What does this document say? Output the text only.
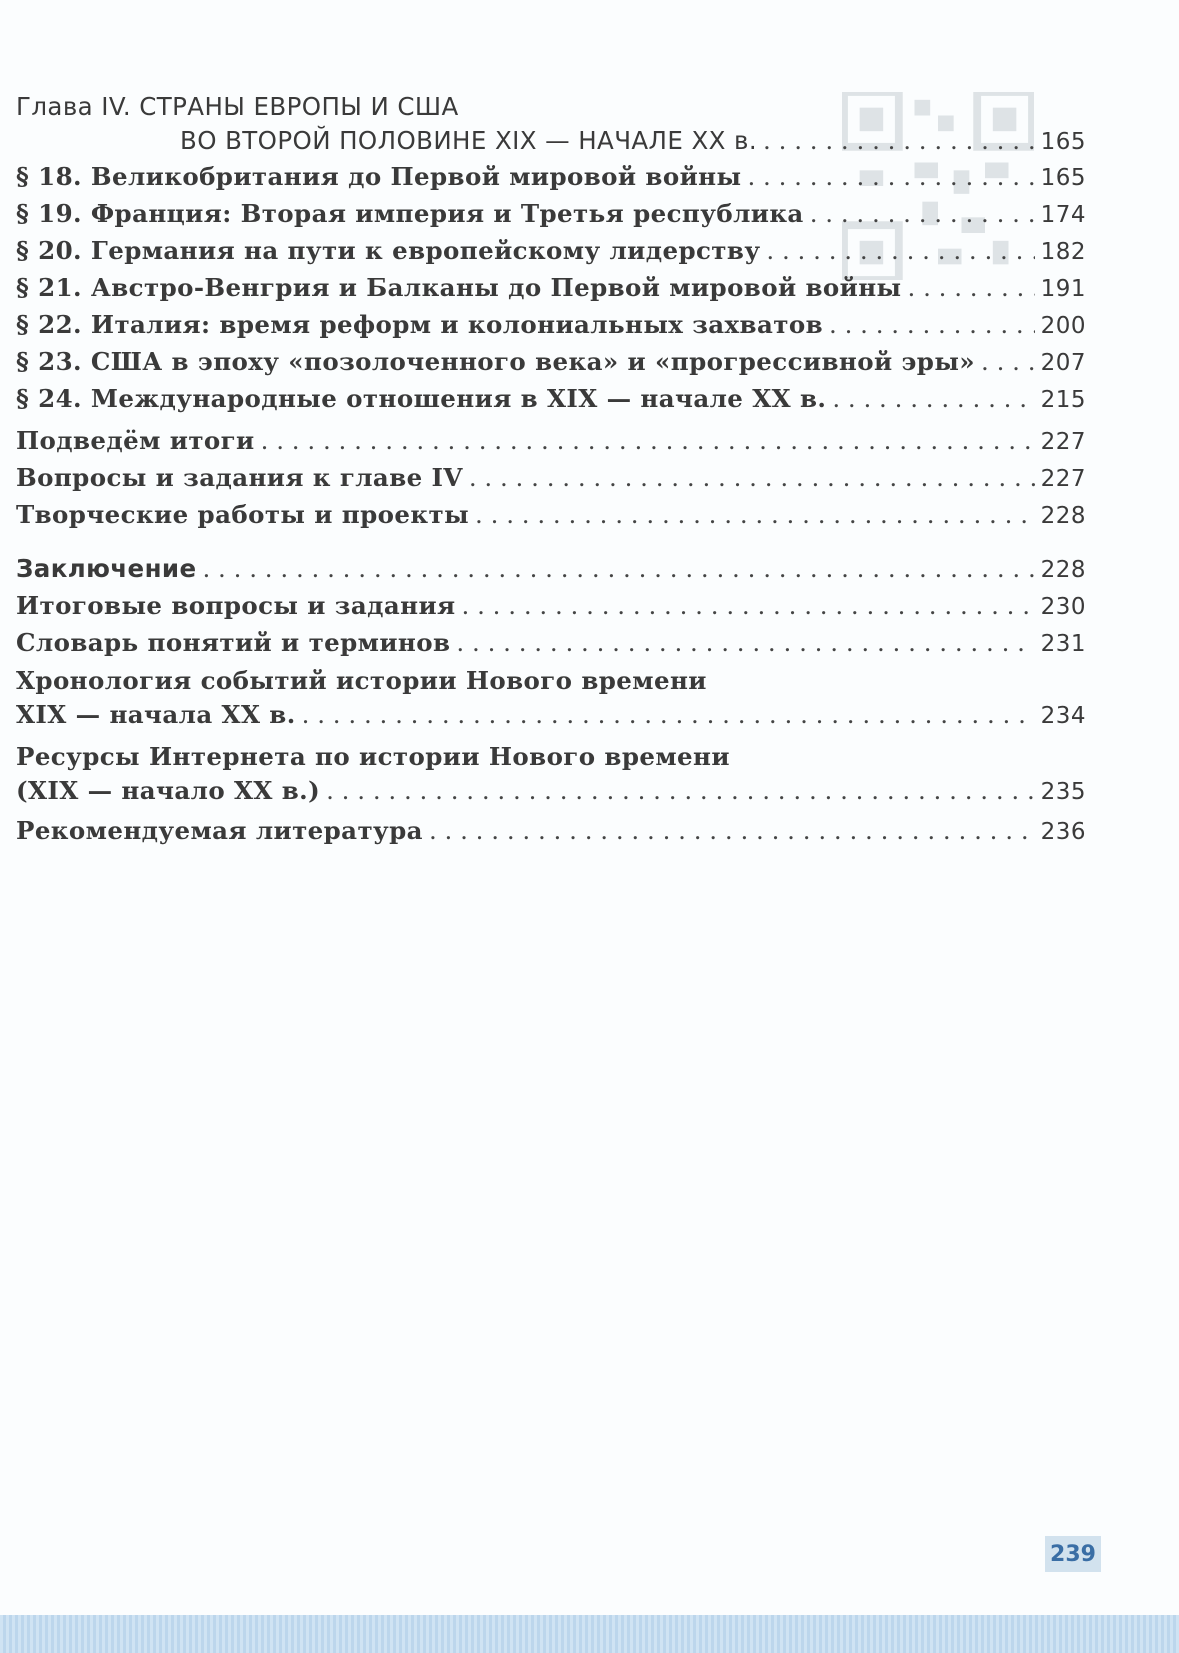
Глава IV. СТРАНЫ ЕВРОПЫ И США
ВО ВТОРОЙ ПОЛОВИНЕ XIX — НАЧАЛЕ XX в. . . .	165
§ 18. Великобритания до Первой мировой войны . . .	165
§ 19. Франция: Вторая империя и Третья республика . . .	174
§ 20. Германия на пути к европейскому лидерству . . .	182
§ 21. Австро-Венгрия и Балканы до Первой мировой войны . . .	191
§ 22. Италия: время реформ и колониальных захватов . . .	200
§ 23. США в эпоху «позолоченного века» и «прогрессивной эры» . . .	207
§ 24. Международные отношения в XIX — начале XX в. . . .	215
Подведём итоги . . .	227
Вопросы и задания к главе IV . . .	227
Творческие работы и проекты . . .	228
Заключение . . .	228
Итоговые вопросы и задания . . .	230
Словарь понятий и терминов . . .	231
Хронология событий истории Нового времени
XIX — начала XX в. . . .	234
Ресурсы Интернета по истории Нового времени
(XIX — начало XX в.) . . .	235
Рекомендуемая литература . . .	236
239
